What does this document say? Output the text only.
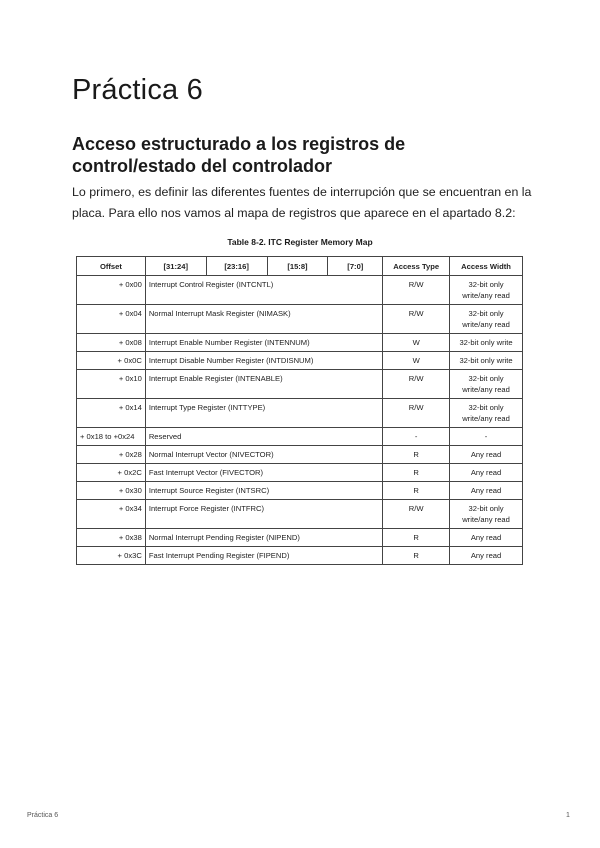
Práctica 6
Acceso estructurado a los registros de control/estado del controlador

Lo primero, es definir las diferentes fuentes de interrupción que se encuentran en la placa. Para ello nos vamos al mapa de registros que aparece en el apartado 8.2:

Table 8-2. ITC Register Memory Map
Offset	[31:24]	[23:16]	[15:8]	[7:0]	Access Type	Access Width
+ 0x00	Interrupt Control Register (INTCNTL)				R/W	32-bit only write/any read
+ 0x04	Normal Interrupt Mask Register (NIMASK)				R/W	32-bit only write/any read
+ 0x08	Interrupt Enable Number Register (INTENNUM)				W	32-bit only write
+ 0x0C	Interrupt Disable Number Register (INTDISNUM)				W	32-bit only write
+ 0x10	Interrupt Enable Register (INTENABLE)				R/W	32-bit only write/any read
+ 0x14	Interrupt Type Register (INTTYPE)				R/W	32-bit only write/any read
+ 0x18 to +0x24	Reserved				-	-
+ 0x28	Normal Interrupt Vector (NIVECTOR)				R	Any read
+ 0x2C	Fast Interrupt Vector (FIVECTOR)				R	Any read
+ 0x30	Interrupt Source Register (INTSRC)				R	Any read
+ 0x34	Interrupt Force Register (INTFRC)				R/W	32-bit only write/any read
+ 0x38	Normal Interrupt Pending Register (NIPEND)				R	Any read
+ 0x3C	Fast Interrupt Pending Register (FIPEND)				R	Any read
Práctica 6	1
